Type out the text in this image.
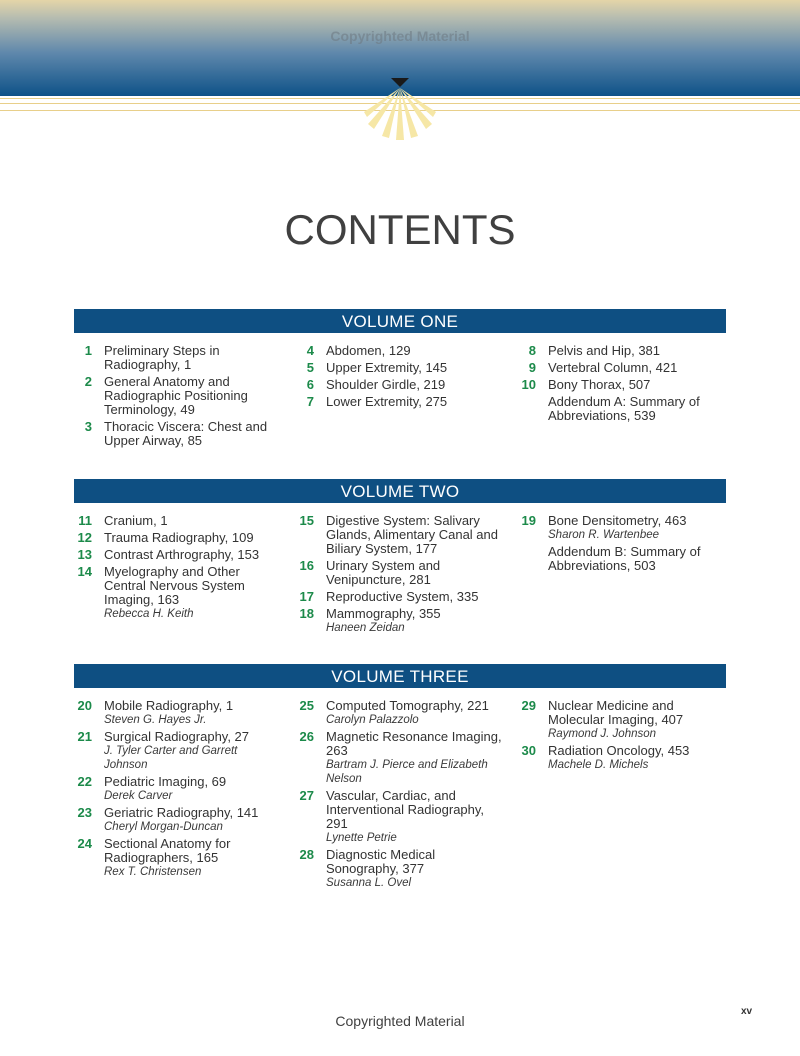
Copyrighted Material
CONTENTS
VOLUME ONE
VOLUME TWO
VOLUME THREE
1 Preliminary Steps in Radiography, 1
2 General Anatomy and Radiographic Positioning Terminology, 49
3 Thoracic Viscera: Chest and Upper Airway, 85
4 Abdomen, 129
5 Upper Extremity, 145
6 Shoulder Girdle, 219
7 Lower Extremity, 275
8 Pelvis and Hip, 381
9 Vertebral Column, 421
10 Bony Thorax, 507
Addendum A: Summary of Abbreviations, 539
11 Cranium, 1
12 Trauma Radiography, 109
13 Contrast Arthrography, 153
14 Myelography and Other Central Nervous System Imaging, 163
Rebecca H. Keith
15 Digestive System: Salivary Glands, Alimentary Canal and Biliary System, 177
16 Urinary System and Venipuncture, 281
17 Reproductive System, 335
18 Mammography, 355
Haneen Zeidan
19 Bone Densitometry, 463
Sharon R. Wartenbee
Addendum B: Summary of Abbreviations, 503
20 Mobile Radiography, 1
Steven G. Hayes Jr.
21 Surgical Radiography, 27
J. Tyler Carter and Garrett Johnson
22 Pediatric Imaging, 69
Derek Carver
23 Geriatric Radiography, 141
Cheryl Morgan-Duncan
24 Sectional Anatomy for Radiographers, 165
Rex T. Christensen
25 Computed Tomography, 221
Carolyn Palazzolo
26 Magnetic Resonance Imaging, 263
Bartram J. Pierce and Elizabeth Nelson
27 Vascular, Cardiac, and Interventional Radiography, 291
Lynette Petrie
28 Diagnostic Medical Sonography, 377
Susanna L. Ovel
29 Nuclear Medicine and Molecular Imaging, 407
Raymond J. Johnson
30 Radiation Oncology, 453
Machele D. Michels
xv
Copyrighted Material
